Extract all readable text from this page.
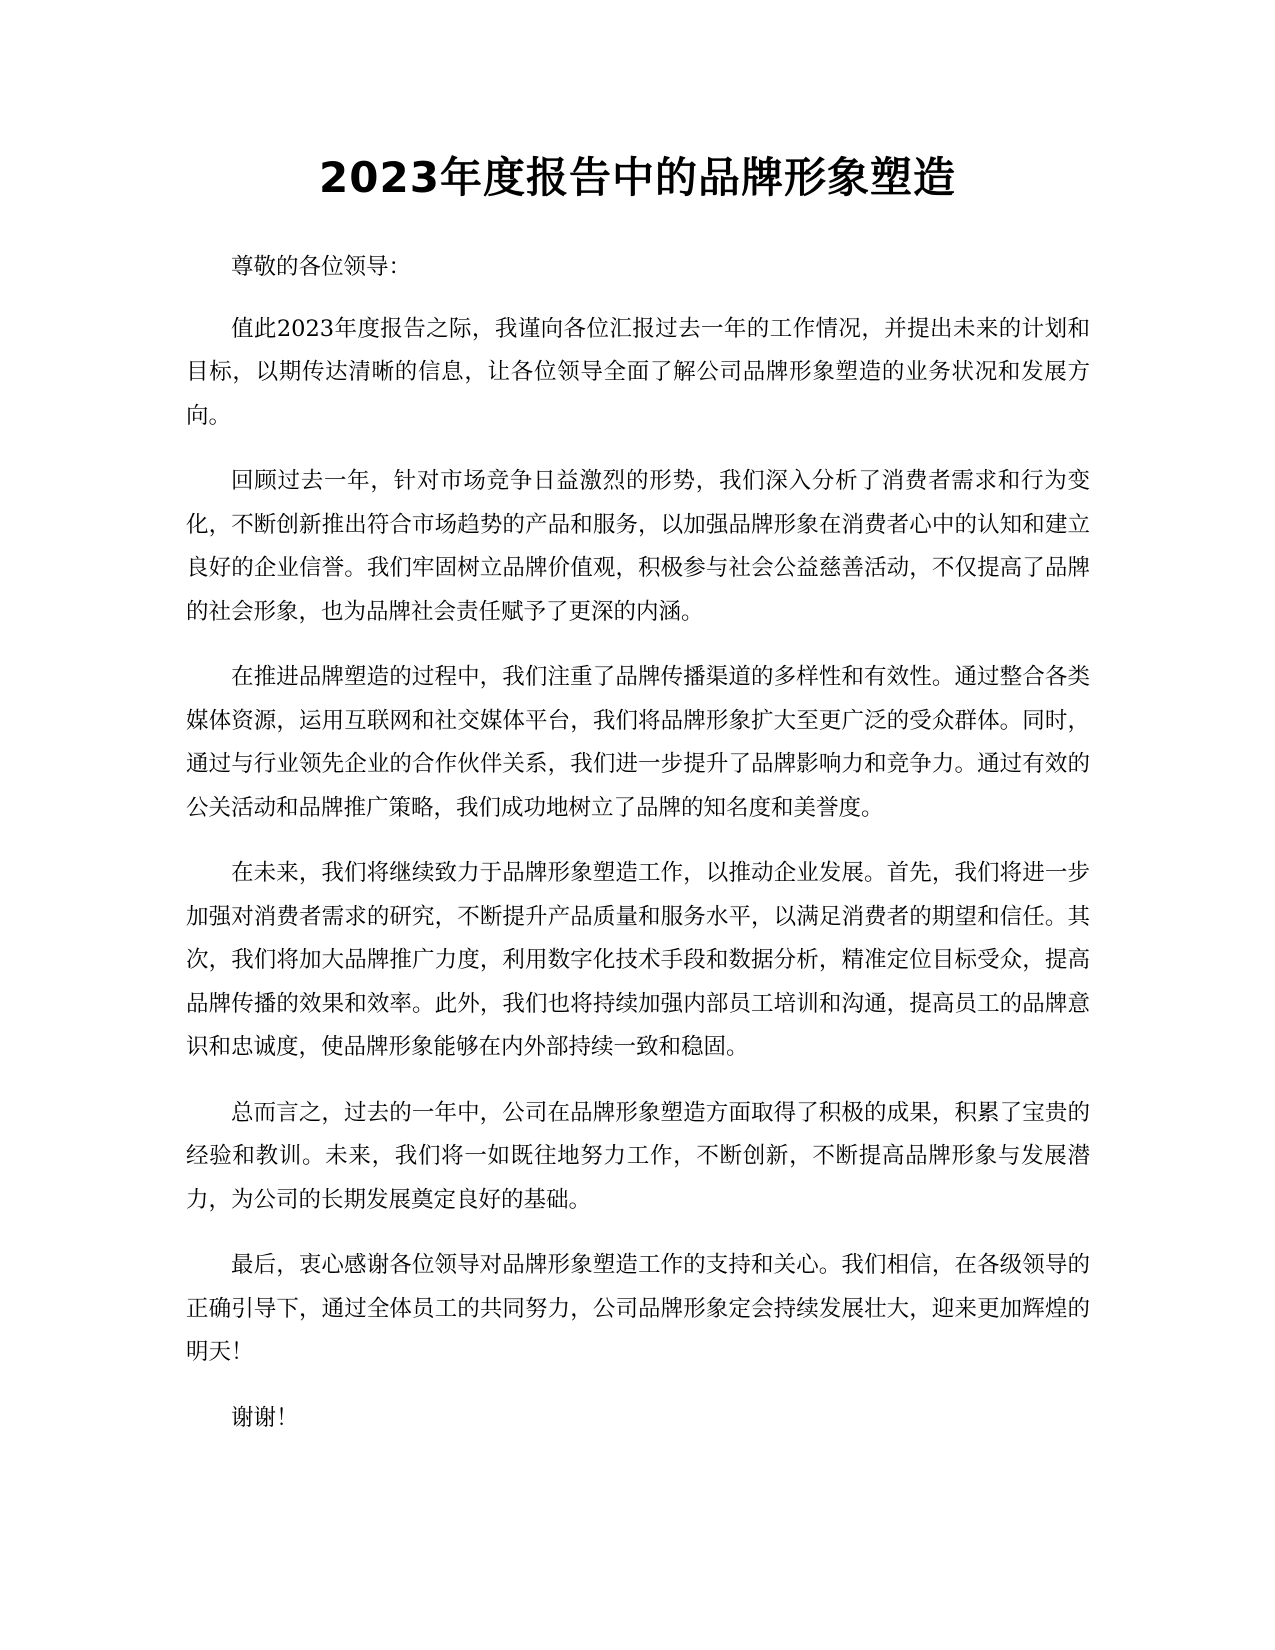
2023年度报告中的品牌形象塑造

尊敬的各位领导：

值此2023年度报告之际，我谨向各位汇报过去一年的工作情况，并提出未来的计划和目标，以期传达清晰的信息，让各位领导全面了解公司品牌形象塑造的业务状况和发展方向。

回顾过去一年，针对市场竞争日益激烈的形势，我们深入分析了消费者需求和行为变化，不断创新推出符合市场趋势的产品和服务，以加强品牌形象在消费者心中的认知和建立良好的企业信誉。我们牢固树立品牌价值观，积极参与社会公益慈善活动，不仅提高了品牌的社会形象，也为品牌社会责任赋予了更深的内涵。

在推进品牌塑造的过程中，我们注重了品牌传播渠道的多样性和有效性。通过整合各类媒体资源，运用互联网和社交媒体平台，我们将品牌形象扩大至更广泛的受众群体。同时，通过与行业领先企业的合作伙伴关系，我们进一步提升了品牌影响力和竞争力。通过有效的公关活动和品牌推广策略，我们成功地树立了品牌的知名度和美誉度。

在未来，我们将继续致力于品牌形象塑造工作，以推动企业发展。首先，我们将进一步加强对消费者需求的研究，不断提升产品质量和服务水平，以满足消费者的期望和信任。其次，我们将加大品牌推广力度，利用数字化技术手段和数据分析，精准定位目标受众，提高品牌传播的效果和效率。此外，我们也将持续加强内部员工培训和沟通，提高员工的品牌意识和忠诚度，使品牌形象能够在内外部持续一致和稳固。

总而言之，过去的一年中，公司在品牌形象塑造方面取得了积极的成果，积累了宝贵的经验和教训。未来，我们将一如既往地努力工作，不断创新，不断提高品牌形象与发展潜力，为公司的长期发展奠定良好的基础。

最后，衷心感谢各位领导对品牌形象塑造工作的支持和关心。我们相信，在各级领导的正确引导下，通过全体员工的共同努力，公司品牌形象定会持续发展壮大，迎来更加辉煌的明天！

谢谢！
